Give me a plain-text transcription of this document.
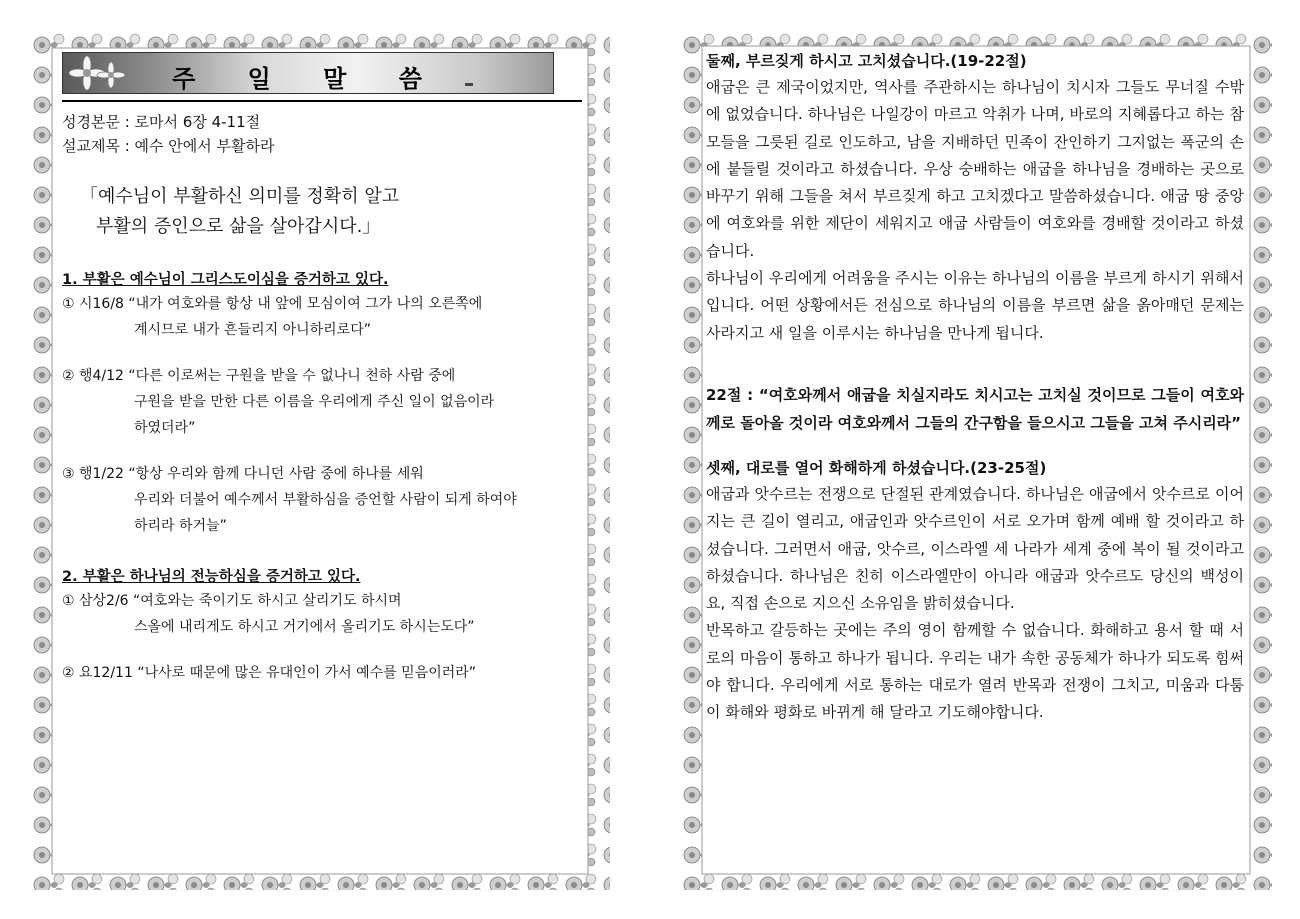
주 일 말 씀
성경본문 : 로마서 6장 4-11절
설교제목 : 예수 안에서 부활하라
「예수님이 부활하신 의미를 정확히 알고
부활의 증인으로 삶을 살아갑시다.」
1. 부활은 예수님이 그리스도이심을 증거하고 있다.
① 시16/8 “내가 여호와를 항상 내 앞에 모심이여 그가 나의 오른쪽에
계시므로 내가 흔들리지 아니하리로다”
② 행4/12 “다른 이로써는 구원을 받을 수 없나니 천하 사람 중에
구원을 받을 만한 다른 이름을 우리에게 주신 일이 없음이라
하였더라”
③ 행1/22 “항상 우리와 함께 다니던 사람 중에 하나를 세워
우리와 더불어 예수께서 부활하심을 증언할 사람이 되게 하여야
하리라 하거늘”
2. 부활은 하나님의 전능하심을 증거하고 있다.
① 삼상2/6 “여호와는 죽이기도 하시고 살리기도 하시며
스올에 내리게도 하시고 거기에서 올리기도 하시는도다”
② 요12/11 “나사로 때문에 많은 유대인이 가서 예수를 믿음이러라”
둘째, 부르짖게 하시고 고치셨습니다.(19-22절)
애굽은 큰 제국이었지만, 역사를 주관하시는 하나님이 치시자 그들도 무너질 수밖에 없었습니다. 하나님은 나일강이 마르고 악취가 나며, 바로의 지혜롭다고 하는 참모들을 그릇된 길로 인도하고, 남을 지배하던 민족이 잔인하기 그지없는 폭군의 손에 붙들릴 것이라고 하셨습니다. 우상 숭배하는 애굽을 하나님을 경배하는 곳으로 바꾸기 위해 그들을 쳐서 부르짖게 하고 고치겠다고 말씀하셨습니다. 애굽 땅 중앙에 여호와를 위한 제단이 세워지고 애굽 사람들이 여호와를 경배할 것이라고 하셨습니다.
하나님이 우리에게 어려움을 주시는 이유는 하나님의 이름을 부르게 하시기 위해서입니다. 어떤 상황에서든 전심으로 하나님의 이름을 부르면 삶을 옭아매던 문제는 사라지고 새 일을 이루시는 하나님을 만나게 됩니다.
22절 : “여호와께서 애굽을 치실지라도 치시고는 고치실 것이므로 그들이 여호와께로 돌아올 것이라 여호와께서 그들의 간구함을 들으시고 그들을 고쳐 주시리라”
셋째, 대로를 열어 화해하게 하셨습니다.(23-25절)
애굽과 앗수르는 전쟁으로 단절된 관계였습니다. 하나님은 애굽에서 앗수르로 이어지는 큰 길이 열리고, 애굽인과 앗수르인이 서로 오가며 함께 예배 할 것이라고 하셨습니다. 그러면서 애굽, 앗수르, 이스라엘 세 나라가 세계 중에 복이 될 것이라고 하셨습니다. 하나님은 친히 이스라엘만이 아니라 애굽과 앗수르도 당신의 백성이요, 직접 손으로 지으신 소유임을 밝히셨습니다.
반목하고 갈등하는 곳에는 주의 영이 함께할 수 없습니다. 화해하고 용서 할 때 서로의 마음이 통하고 하나가 됩니다. 우리는 내가 속한 공동체가 하나가 되도록 힘써야 합니다. 우리에게 서로 통하는 대로가 열려 반목과 전쟁이 그치고, 미움과 다툼이 화해와 평화로 바뀌게 해 달라고 기도해야합니다.
